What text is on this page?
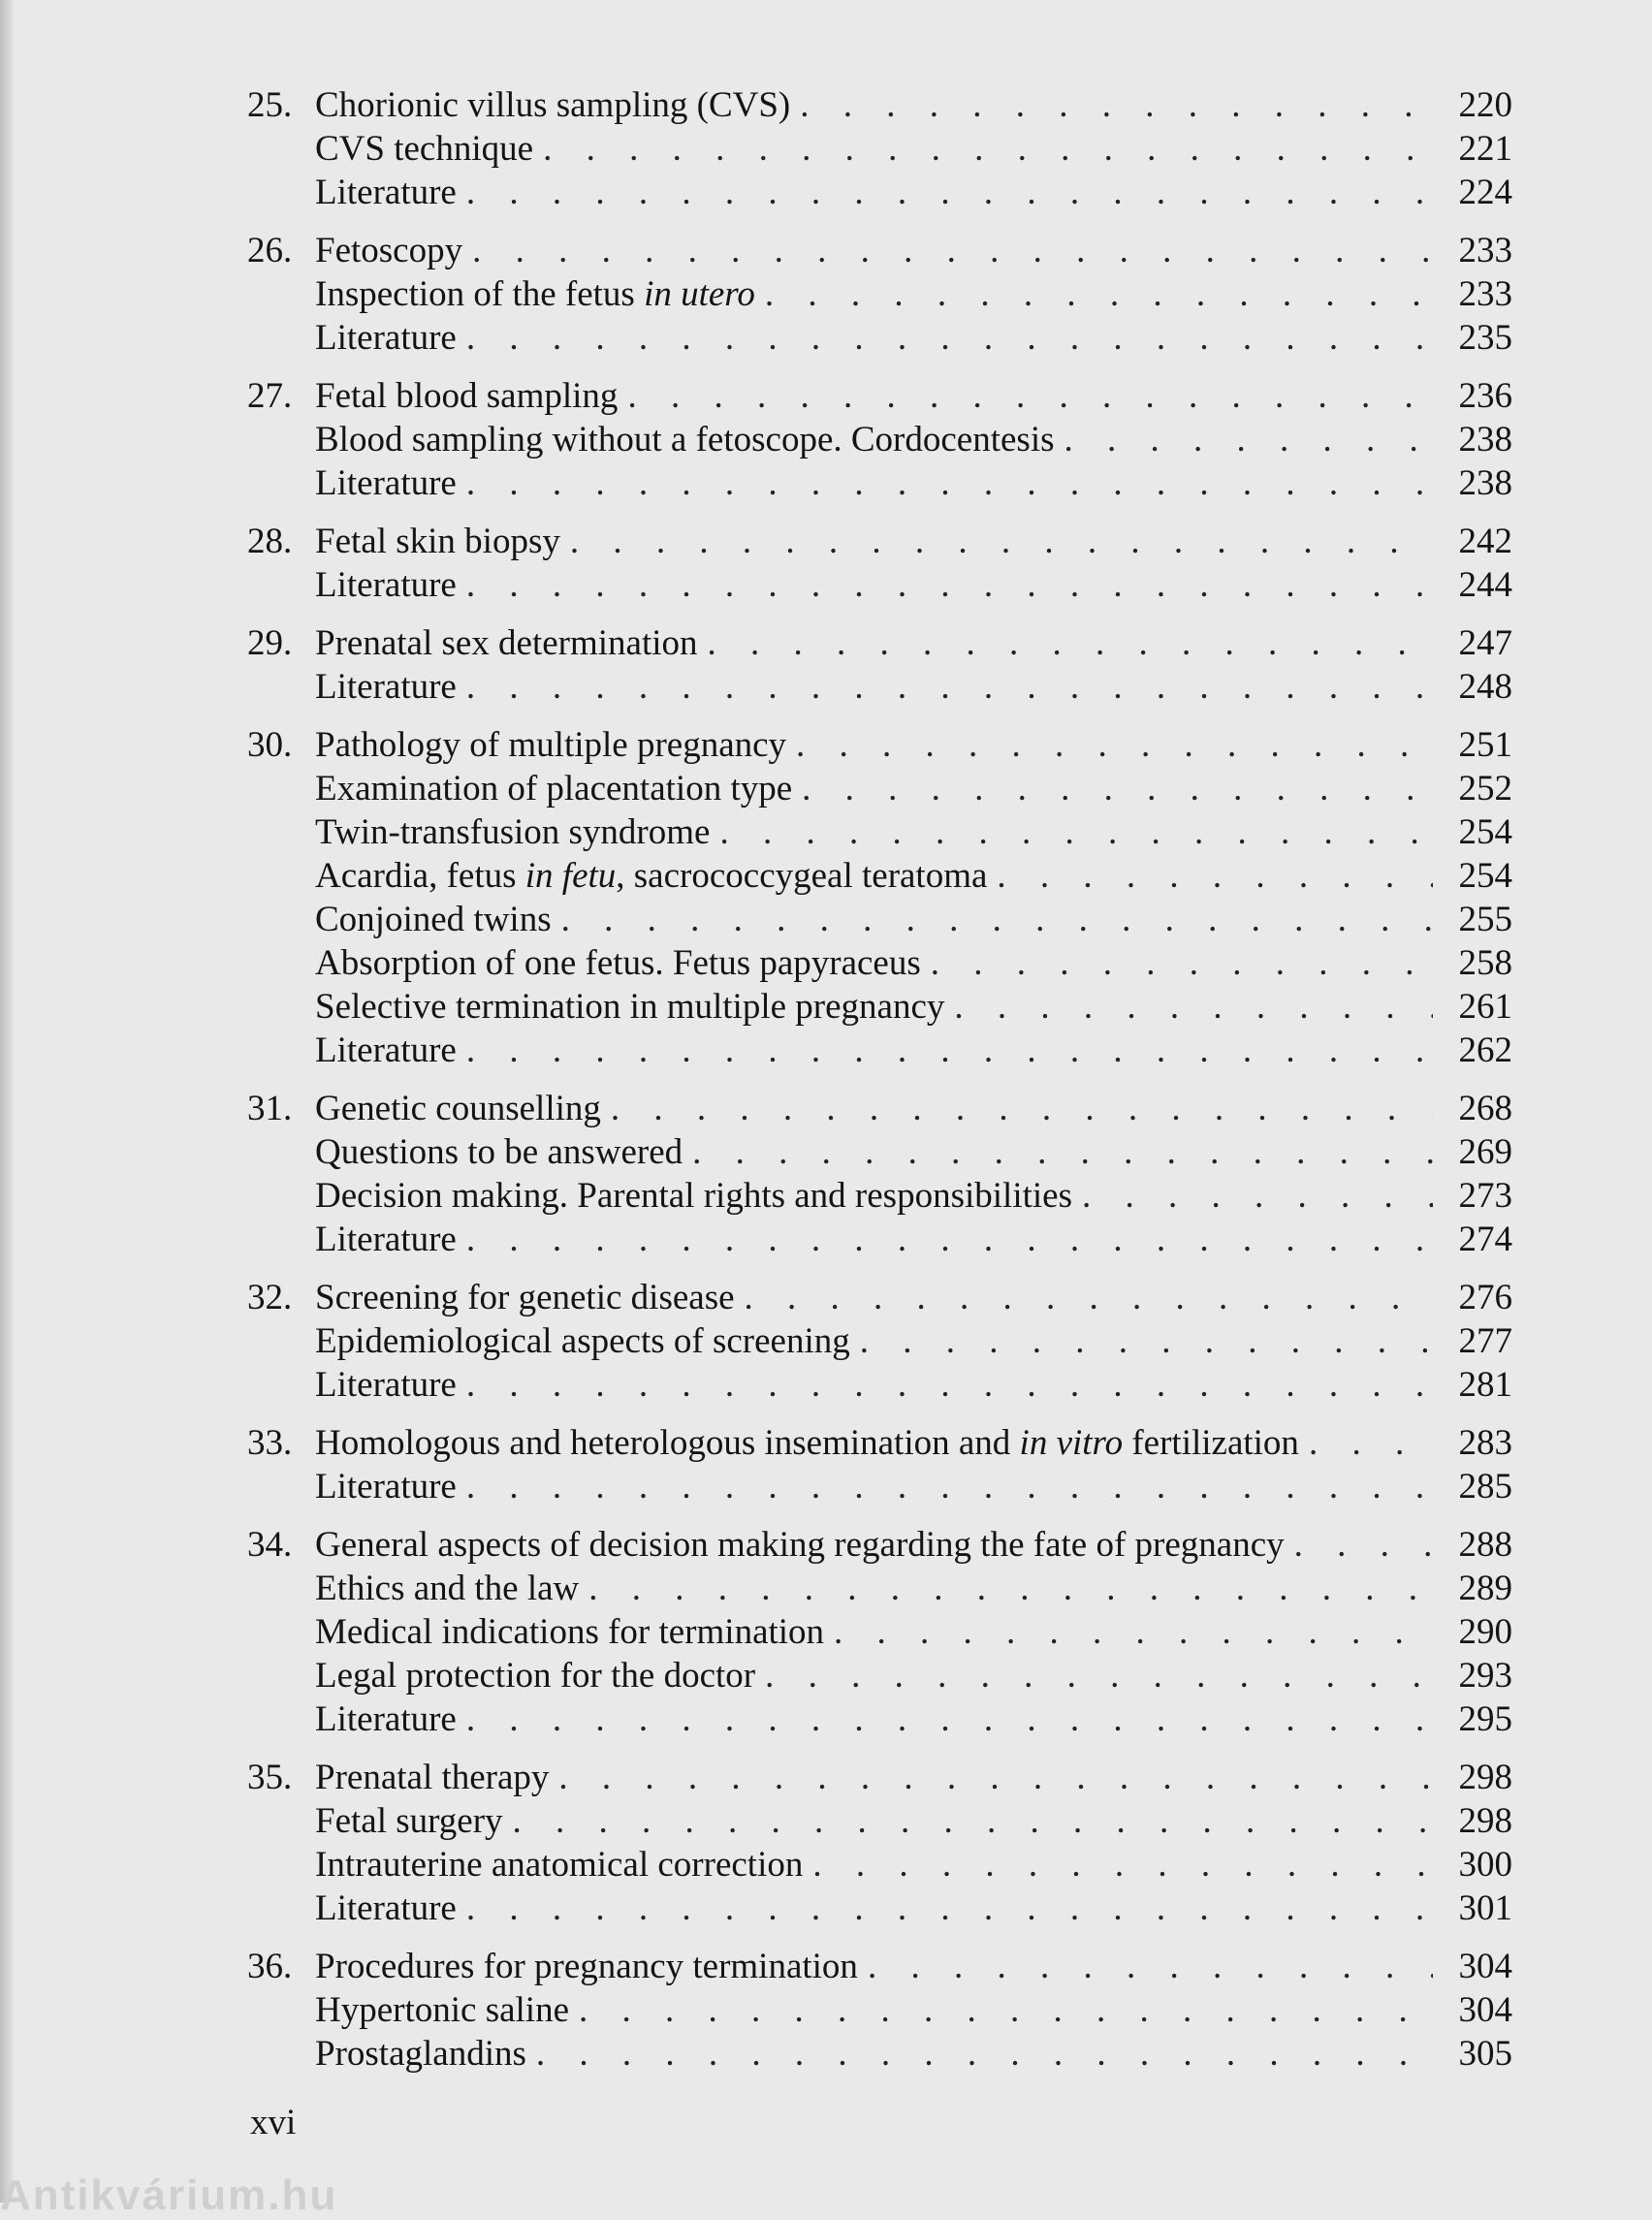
25. Chorionic villus sampling (CVS) . . .	220
CVS technique . . .	221
Literature . . .	224
26. Fetoscopy . . .	233
Inspection of the fetus in utero . . .	233
Literature . . .	235
27. Fetal blood sampling . . .	236
Blood sampling without a fetoscope. Cordocentesis . . .	238
Literature . . .	238
28. Fetal skin biopsy . . .	242
Literature . . .	244
29. Prenatal sex determination . . .	247
Literature . . .	248
30. Pathology of multiple pregnancy . . .	251
Examination of placentation type . . .	252
Twin-transfusion syndrome . . .	254
Acardia, fetus in fetu, sacrococcygeal teratoma . . .	254
Conjoined twins . . .	255
Absorption of one fetus. Fetus papyraceus . . .	258
Selective termination in multiple pregnancy . . .	261
Literature . . .	262
31. Genetic counselling . . .	268
Questions to be answered . . .	269
Decision making. Parental rights and responsibilities . . .	273
Literature . . .	274
32. Screening for genetic disease . . .	276
Epidemiological aspects of screening . . .	277
Literature . . .	281
33. Homologous and heterologous insemination and in vitro fertilization . . .	283
Literature . . .	285
34. General aspects of decision making regarding the fate of pregnancy . . .	288
Ethics and the law . . .	289
Medical indications for termination . . .	290
Legal protection for the doctor . . .	293
Literature . . .	295
35. Prenatal therapy . . .	298
Fetal surgery . . .	298
Intrauterine anatomical correction . . .	300
Literature . . .	301
36. Procedures for pregnancy termination . . .	304
Hypertonic saline . . .	304
Prostaglandins . . .	305
xvi
Antikvárium.hu
